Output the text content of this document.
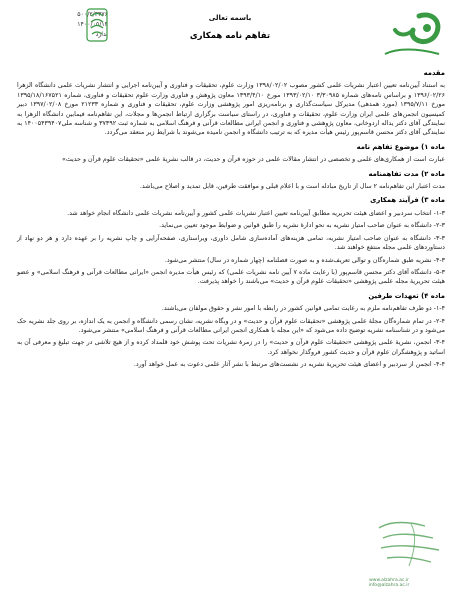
۵۰۰/۲/۳۳۷۶
۱۴۰۰/۰۵/۱۴
ندارد
باسمه تعالی
تفاهم نامه همکاری

مقدمه

به استناد آیین‌نامه تعیین اعتبار نشریات علمی کشور مصوب ۱۳۹۸/۰۲/۰۲ وزارت علوم، تحقیقات و فناوری و آیین‌نامه اجرایی و انتشار نشریات علمی دانشگاه الزهرا ۱۳۹۶/۰۲/۲۶ و براساس نامه‌های شماره ۳/۳۰۹۸۵ ۱۳۹۳/۰۲/۱۰ مورخ ۱۳۹۳/۴/۱۰ معاون پژوهش و فناوری وزارت علوم تحقیقات و فناوری، شماره ۱۳۹۵/۱۸/۱۶۷۵۲۱ مورخ ۱۳۹۵/۷/۱۱ (مورد همدهی) مدیرکل سیاست‌گذاری و برنامه‌ریزی امور پژوهشی وزارت علوم، تحقیقات و فناوری و شماره ۲۱۲۳۳ مورخ ۱۳۹۷/۰۲/۰۸ دبیر کمیسیون انجمن‌های علمی ایران وزارت علوم، تحقیقات و فناوری، در راستای سیاست برگزاری ارتباط انجمن‌ها و مجلات، این تفاهم‌نامه فیمابین دانشگاه الزهرا به نمایندگی آقای دکتر یداله اردوخانی، معاون پژوهشی و فناوری و انجمن ایرانی مطالعات قرآنی و فرهنگ اسلامی به شماره ثبت ۳۷۳۹۲ و شناسه ملی۱۴۰۰۵۴۳۹۴۰۷ به نمایندگی آقای دکتر محسن قاسم‌پور رئیس هیأت مدیره که به ترتیب دانشگاه و انجمن نامیده می‌شوند با شرایط زیر منعقد می‌گردد.

ماده ۱) موضوع تفاهم نامه

عبارت است از همکاری‌های علمی و تخصصی در انتشار مقالات علمی در حوزه قرآن و حدیث، در قالب نشریهٔ علمی «تحقیقات علوم قرآن و حدیث»

ماده ۲) مدت تفاهمنامه

مدت اعتبار این تفاهم‌نامه ۲ سال از تاریخ مبادله است و با اعلام قبلی و موافقت طرفین، قابل تمدید و اصلاح می‌باشد.

ماده ۳) فرآیند همکاری

۱-۳- انتخاب سردبیر و اعضای هیئت تحریریه مطابق آیین‌نامه تعیین اعتبار نشریات علمی کشور و آیین‌نامه نشریات علمی دانشگاه انجام خواهد شد.

۲-۳- دانشگاه به عنوان صاحب امتیاز نشریه به نحو ادارهٔ نشریه را طبق قوانین و ضوابط موجود تعیین می‌نماید.

۳-۳- دانشگاه به عنوان صاحب امتیاز نشریه، تمامی هزینه‌های آماده‌سازی شامل داوری، ویراستاری، صفحه‌آرایی و چاپ نشریه را بر عهده دارد و هر دو نهاد از دستاوردهای علمی مجله منتفع خواهند شد.

۴-۳- نشریه طبق شماره‌گان و توالی تعریف‌شده و به صورت فصلنامه (چهار شماره در سال) منتشر می‌شود.

۵-۳- دانشگاه آقای دکتر محسن قاسم‌پور (با رعایت ماده ۷ آیین نامه نشریات علمی) که رئیس هیأت مدیره انجمن «ایرانی مطالعات قرآنی و فرهنگ اسلامی» و عضو هیئت تحریریهٔ مجله علمی پژوهشی «تحقیقات علوم قرآن و حدیث» می‌باشند را خواهد پذیرفت.

ماده ۴) تعهدات طرفین

۱-۴- دو طرف تفاهم‌نامه ملزم به رعایت تمامی قوانین کشور در رابطه با امور نشر و حقوق مولفان می‌باشند.

۲-۴- در تمام شماره‌گان مجلهٔ علمی پژوهشی «تحقیقات علوم قرآن و حدیث» و در وبگاه نشریه، نشان رسمی دانشگاه و انجمن به یک اندازه، بر روی جلد نشریه حک می‌شود و در شناسنامه نشریه توضیح داده می‌شود که «این مجله با همکاری انجمن ایرانی مطالعات قرآنی و فرهنگ اسلامی» منتشر می‌شود.

۳-۴- انجمن، نشریهٔ علمی پژوهشی «تحقیقات علوم قرآن و حدیث» را در زمرهٔ نشریات تحت پوشش خود قلمداد کرده و از هیچ تلاشی در جهت تبلیغ و معرفی آن به اساتید و پژوهشگران علوم قرآن و حدیث کشور فروگذار نخواهد کرد.

۴-۴- انجمن از سردبیر و اعضای هیئت تحریریهٔ نشریه در نشست‌های مرتبط با نشر آثار علمی دعوت به عمل خواهد آورد.

www.alzahra.ac.ir
info@alzahra.ac.ir
